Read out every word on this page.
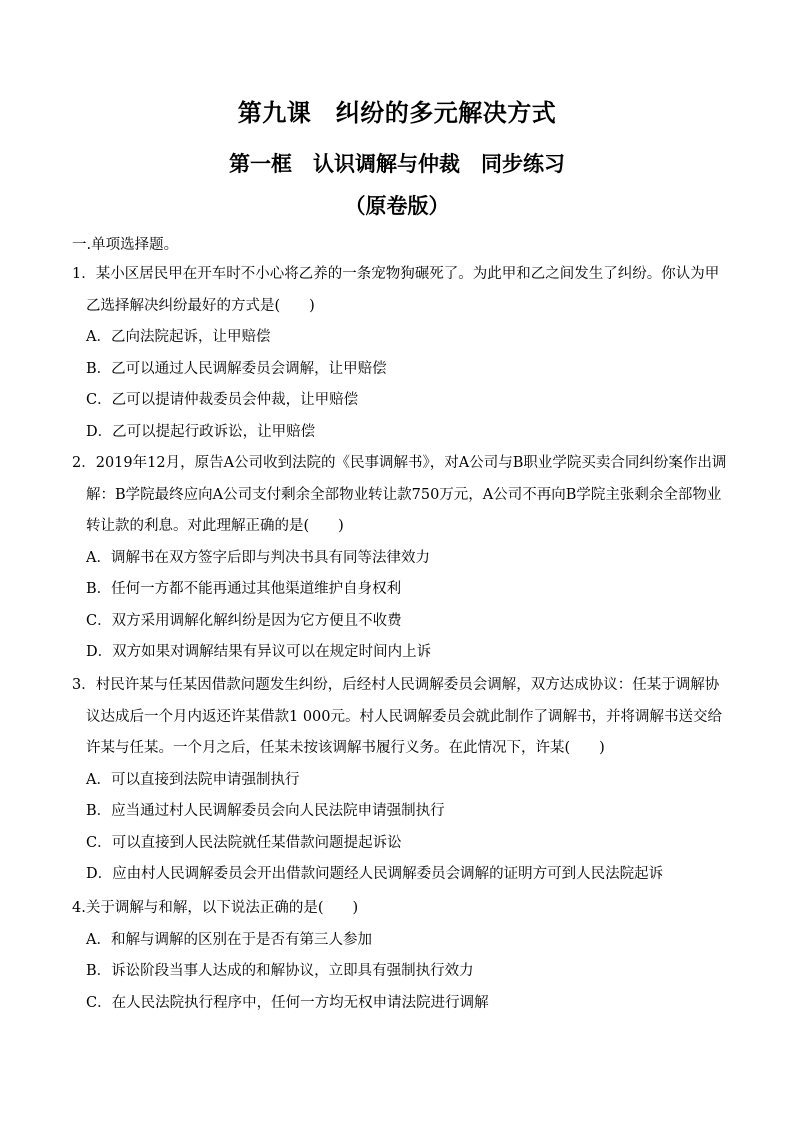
第九课　纠纷的多元解决方式
第一框　认识调解与仲裁　同步练习
（原卷版）
一.单项选择题。
1．某小区居民甲在开车时不小心将乙养的一条宠物狗碾死了。为此甲和乙之间发生了纠纷。你认为甲乙选择解决纠纷最好的方式是(　　)
A．乙向法院起诉，让甲赔偿
B．乙可以通过人民调解委员会调解，让甲赔偿
C．乙可以提请仲裁委员会仲裁，让甲赔偿
D．乙可以提起行政诉讼，让甲赔偿
2．2019年12月，原告A公司收到法院的《民事调解书》，对A公司与B职业学院买卖合同纠纷案作出调解：B学院最终应向A公司支付剩余全部物业转让款750万元，A公司不再向B学院主张剩余全部物业转让款的利息。对此理解正确的是(　　)
A．调解书在双方签字后即与判决书具有同等法律效力
B．任何一方都不能再通过其他渠道维护自身权利
C．双方采用调解化解纠纷是因为它方便且不收费
D．双方如果对调解结果有异议可以在规定时间内上诉
3．村民许某与任某因借款问题发生纠纷，后经村人民调解委员会调解，双方达成协议：任某于调解协议达成后一个月内返还许某借款1 000元。村人民调解委员会就此制作了调解书，并将调解书送交给许某与任某。一个月之后，任某未按该调解书履行义务。在此情况下，许某(　　)
A．可以直接到法院申请强制执行
B．应当通过村人民调解委员会向人民法院申请强制执行
C．可以直接到人民法院就任某借款问题提起诉讼
D．应由村人民调解委员会开出借款问题经人民调解委员会调解的证明方可到人民法院起诉
4.关于调解与和解，以下说法正确的是(　　)
A．和解与调解的区别在于是否有第三人参加
B．诉讼阶段当事人达成的和解协议，立即具有强制执行效力
C．在人民法院执行程序中，任何一方均无权申请法院进行调解
